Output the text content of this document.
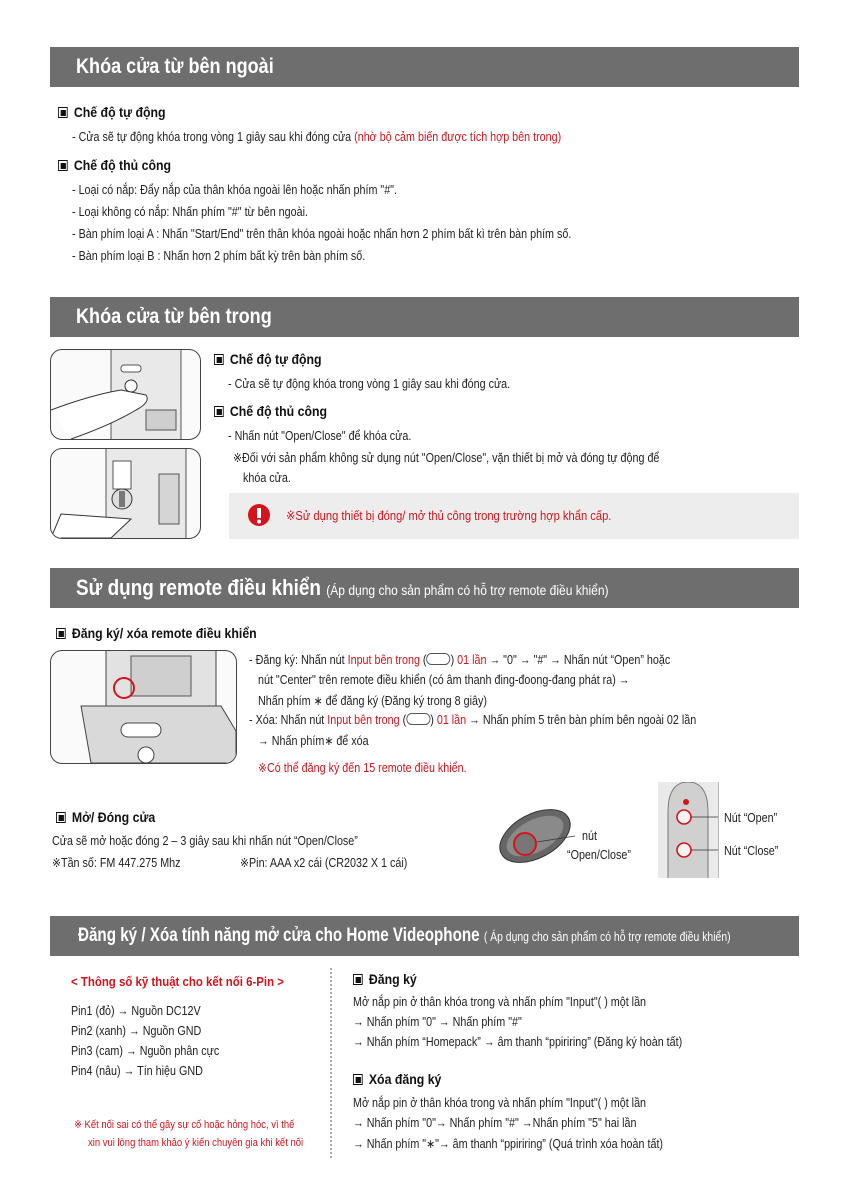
Khóa cửa từ bên ngoài
Chế độ tự động
- Cửa sẽ tự động khóa trong vòng 1 giây sau khi đóng cửa (nhờ bộ cảm biến được tích hợp bên trong)
Chế độ thủ công
- Loại có nắp: Đẩy nắp của thân khóa ngoài lên hoặc nhấn phím "#".
- Loại không có nắp: Nhấn phím "#" từ bên ngoài.
- Bàn phím loại A : Nhấn "Start/End" trên thân khóa ngoài hoặc nhấn hơn 2 phím bất kì trên bàn phím số.
- Bàn phím loại B : Nhấn hơn 2 phím bất kỳ trên bàn phím số.
Khóa cửa từ bên trong
Chế độ tự động
- Cửa sẽ tự động khóa trong vòng 1 giây sau khi đóng cửa.
Chế độ thủ công
- Nhấn nút "Open/Close" để khóa cửa.
※Đối với sản phẩm không sử dụng nút "Open/Close", vặn thiết bị mở và đóng tự động để
khóa cửa.
※Sử dụng thiết bị đóng/ mở thủ công trong trường hợp khẩn cấp.
Sử dụng remote điều khiển (Áp dụng cho sản phẩm có hỗ trợ remote điều khiển)
Đăng ký/ xóa remote điều khiển
- Đăng ký: Nhấn nút Input bên trong ( ) 01 lần → "0" → "#" → Nhấn nút “Open” hoặc
nút "Center" trên remote điều khiển (có âm thanh đing-đoong-đang phát ra) →
Nhấn phím ∗ để đăng ký (Đăng ký trong 8 giây)
- Xóa: Nhấn nút Input bên trong ( ) 01 lần → Nhấn phím 5 trên bàn phím bên ngoài 02 lần
→ Nhấn phím∗ để xóa
※Có thể đăng ký đến 15 remote điều khiển.
Mở/ Đóng cửa
Cửa sẽ mở hoặc đóng 2 – 3 giây sau khi nhấn nút “Open/Close”
※Tần số: FM 447.275 Mhz	※Pin: AAA x2 cái (CR2032 X 1 cái)
nút
“Open/Close”
Nút “Open”
Nút “Close”
Đăng ký / Xóa tính năng mở cửa cho Home Videophone ( Áp dụng cho sản phẩm có hỗ trợ remote điều khiển)
< Thông số kỹ thuật cho kết nối 6-Pin >
Pin1 (đỏ) → Nguồn DC12V
Pin2 (xanh) → Nguồn GND
Pin3 (cam) → Nguồn phân cực
Pin4 (nâu) → Tín hiệu GND
※ Kết nối sai có thể gây sự cố hoặc hỏng hóc, vì thế
xin vui lòng tham khảo ý kiến chuyên gia khi kết nối
Đăng ký
Mở nắp pin ở thân khóa trong và nhấn phím "Input"( ) một lần
→ Nhấn phím "0" → Nhấn phím "#"
→ Nhấn phím “Homepack” → âm thanh “ppiriring” (Đăng ký hoàn tất)
Xóa đăng ký
Mở nắp pin ở thân khóa trong và nhấn phím "Input"( ) một lần
→ Nhấn phím "0"→ Nhấn phím "#" →Nhấn phím "5" hai lần
→ Nhấn phím "∗"→ âm thanh “ppiriring” (Quá trình xóa hoàn tất)
